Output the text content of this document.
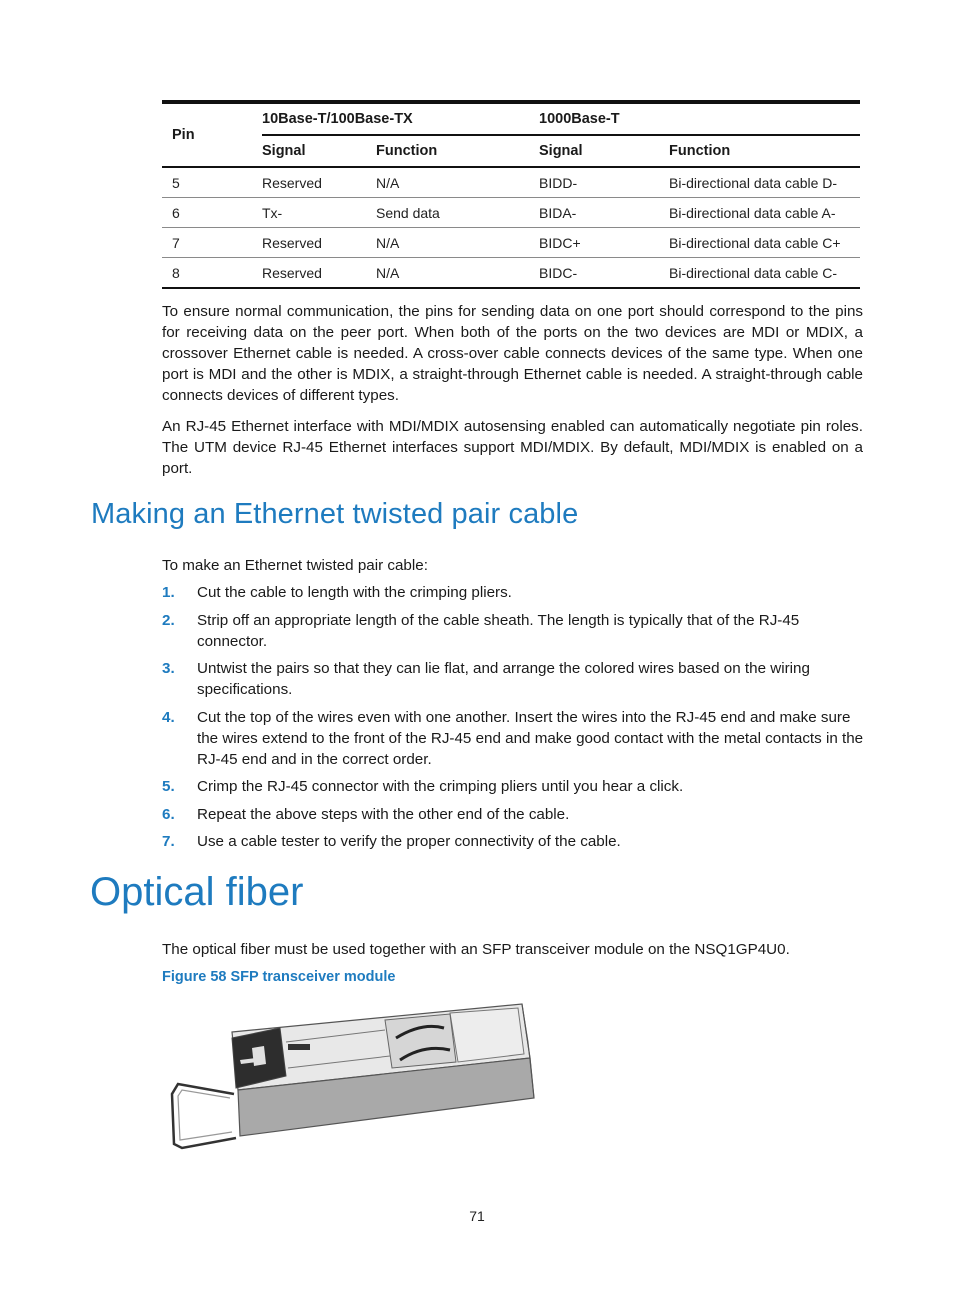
Pin	10Base-T/100Base-TX		1000Base-T	
	Signal	Function	Signal	Function
5	Reserved	N/A	BIDD-	Bi-directional data cable D-
6	Tx-	Send data	BIDA-	Bi-directional data cable A-
7	Reserved	N/A	BIDC+	Bi-directional data cable C+
8	Reserved	N/A	BIDC-	Bi-directional data cable C-

To ensure normal communication, the pins for sending data on one port should correspond to the pins for receiving data on the peer port. When both of the ports on the two devices are MDI or MDIX, a crossover Ethernet cable is needed. A cross-over cable connects devices of the same type. When one port is MDI and the other is MDIX, a straight-through Ethernet cable is needed. A straight-through cable connects devices of different types.

An RJ-45 Ethernet interface with MDI/MDIX autosensing enabled can automatically negotiate pin roles. The UTM device RJ-45 Ethernet interfaces support MDI/MDIX. By default, MDI/MDIX is enabled on a port.

Making an Ethernet twisted pair cable

To make an Ethernet twisted pair cable:

1.	Cut the cable to length with the crimping pliers.
2.	Strip off an appropriate length of the cable sheath. The length is typically that of the RJ-45 connector.
3.	Untwist the pairs so that they can lie flat, and arrange the colored wires based on the wiring specifications.
4.	Cut the top of the wires even with one another. Insert the wires into the RJ-45 end and make sure the wires extend to the front of the RJ-45 end and make good contact with the metal contacts in the RJ-45 end and in the correct order.
5.	Crimp the RJ-45 connector with the crimping pliers until you hear a click.
6.	Repeat the above steps with the other end of the cable.
7.	Use a cable tester to verify the proper connectivity of the cable.
Optical fiber

The optical fiber must be used together with an SFP transceiver module on the NSQ1GP4U0.

Figure 58 SFP transceiver module

71
